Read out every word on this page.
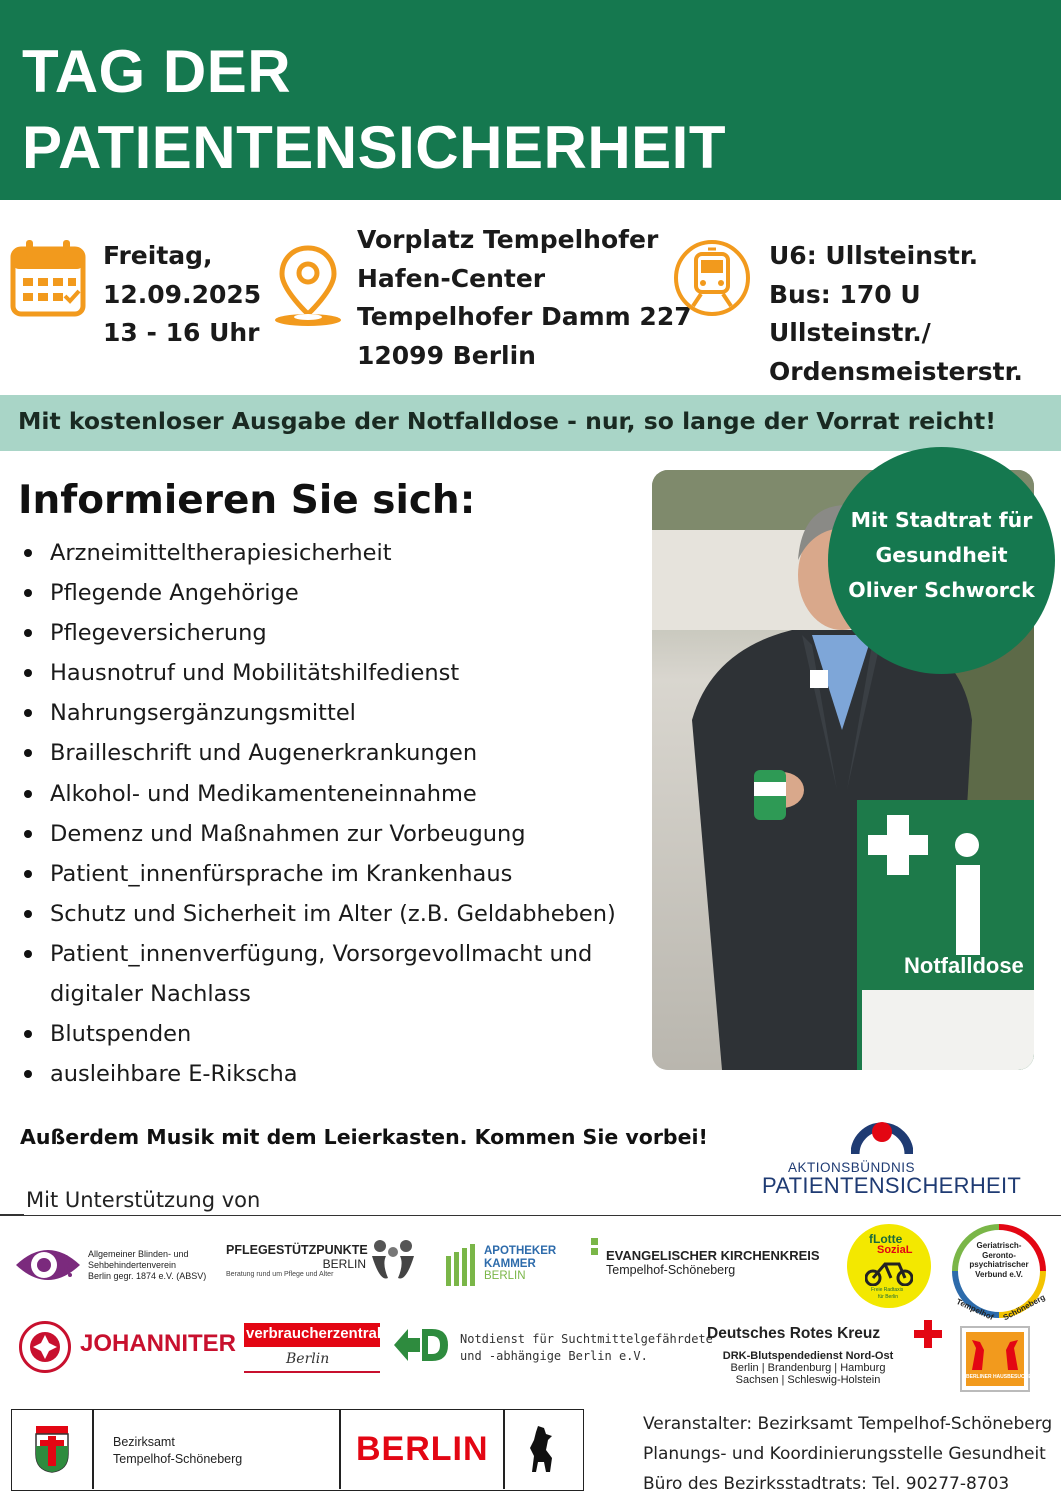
TAG DER
PATIENTENSICHERHEIT
Freitag,
12.09.2025
13 - 16 Uhr
Vorplatz Tempelhofer
Hafen-Center
Tempelhofer Damm 227
12099 Berlin
U6: Ullsteinstr.
Bus: 170 U Ullsteinstr./
Ordensmeisterstr.
Mit kostenloser Ausgabe der Notfalldose - nur, so lange der Vorrat reicht!
Informieren Sie sich:
Arzneimitteltherapiesicherheit
Pflegende Angehörige
Pflegeversicherung
Hausnotruf und Mobilitätshilfedienst
Nahrungsergänzungsmittel
Brailleschrift und Augenerkrankungen
Alkohol- und Medikamenteneinnahme
Demenz und Maßnahmen zur Vorbeugung
Patient_innenfürsprache im Krankenhaus
Schutz und Sicherheit im Alter (z.B. Geldabheben)
Patient_innenverfügung, Vorsorgevollmacht und
digitaler Nachlass
Blutspenden
ausleihbare E-Rikscha
Notfalldose
Mit Stadtrat für
Gesundheit
Oliver Schworck
Außerdem Musik mit dem Leierkasten. Kommen Sie vorbei!
AKTIONSBÜNDNIS
PATIENTENSICHERHEIT
Mit Unterstützung von
Allgemeiner Blinden- und
Sehbehindertenverein
Berlin gegr. 1874 e.V. (ABSV)
PFLEGESTÜTZPUNKTE
BERLIN
Beratung rund um Pflege und Alter
APOTHEKER
KAMMER
BERLIN
EVANGELISCHER KIRCHENKREIS
Tempelhof-Schöneberg
fLotte
SoziaL
Freie Radtaxis
für Berlin
Geriatrisch-
Geronto-
psychiatrischer
Verbund e.V.
Tempelhof Schöneberg
JOHANNITER verbraucherzentrale
Berlin
Notdienst für Suchtmittelgefährdete
und -abhängige Berlin e.V.
Deutsches Rotes Kreuz
DRK-Blutspendedienst Nord-Ost
Berlin | Brandenburg | Hamburg
Sachsen | Schleswig-Holstein	BERLINER HAUSBESUCHE
Bezirksamt
Tempelhof-Schöneberg	BERLIN
Veranstalter: Bezirksamt Tempelhof-Schöneberg
Planungs- und Koordinierungsstelle Gesundheit
Büro des Bezirksstadtrats: Tel. 90277-8703
